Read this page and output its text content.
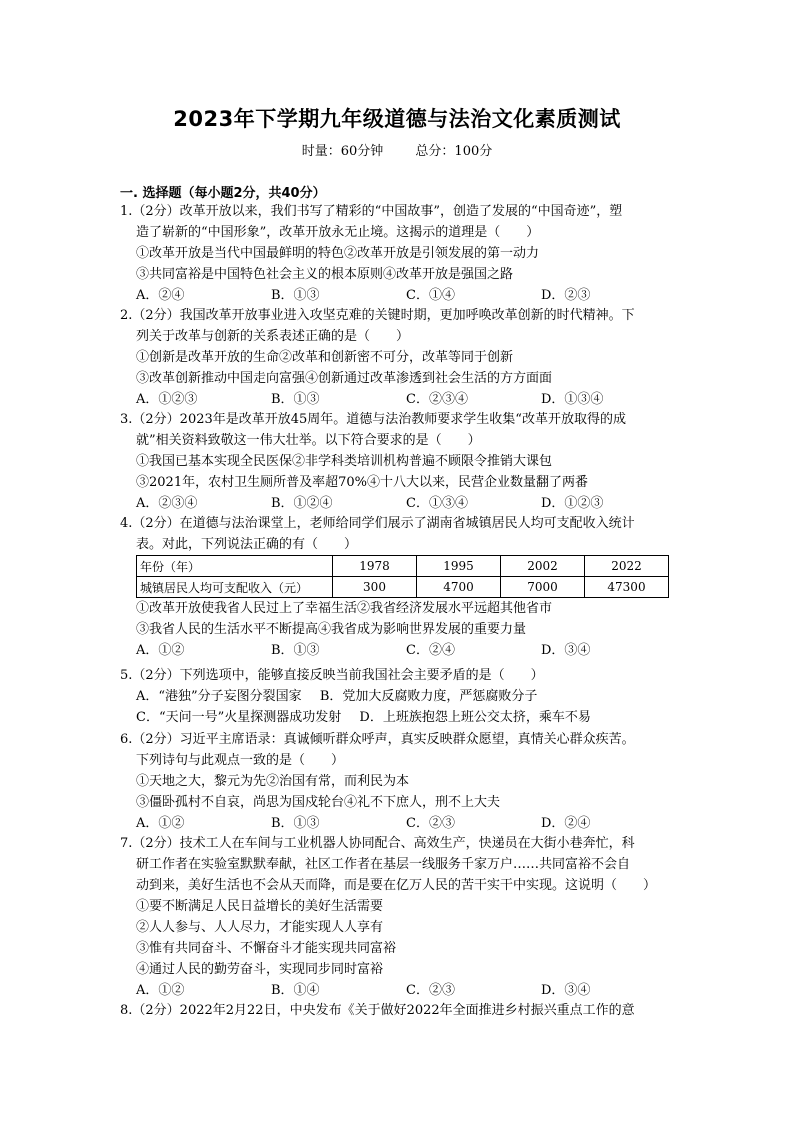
2023年下学期九年级道德与法治文化素质测试
时量：60分钟 总分：100分
一. 选择题（每小题2分，共40分）
1.（2分）改革开放以来，我们书写了精彩的“中国故事”，创造了发展的“中国奇迹”，塑
造了崭新的“中国形象”，改革开放永无止境。这揭示的道理是（　　）
①改革开放是当代中国最鲜明的特色②改革开放是引领发展的第一动力
③共同富裕是中国特色社会主义的根本原则④改革开放是强国之路
A．②④	B．①③	C．①④	D．②③
2.（2分）我国改革开放事业进入攻坚克难的关键时期，更加呼唤改革创新的时代精神。下
列关于改革与创新的关系表述正确的是（　　）
①创新是改革开放的生命②改革和创新密不可分，改革等同于创新
③改革创新推动中国走向富强④创新通过改革渗透到社会生活的方方面面
A．①②③	B．①③	C．②③④	D．①③④
3.（2分）2023年是改革开放45周年。道德与法治教师要求学生收集“改革开放取得的成
就”相关资料致敬这一伟大壮举。以下符合要求的是（　　）
①我国已基本实现全民医保②非学科类培训机构普遍不顾限令推销大课包
③2021年，农村卫生厕所普及率超70%④十八大以来，民营企业数量翻了两番
A．②③④	B．①②④	C．①③④	D．①②③
4.（2分）在道德与法治课堂上，老师给同学们展示了湖南省城镇居民人均可支配收入统计
表。对此，下列说法正确的有（　　）
年份（年）	1978	1995	2002	2022
城镇居民人均可支配收入（元）	300	4700	7000	47300
①改革开放使我省人民过上了幸福生活②我省经济发展水平远超其他省市
③我省人民的生活水平不断提高④我省成为影响世界发展的重要力量
A．①②	B．①③	C．②④	D．③④
5.（2分）下列选项中，能够直接反映当前我国社会主要矛盾的是（　　）
A．“港独”分子妄图分裂国家 B．党加大反腐败力度，严惩腐败分子
C．“天问一号”火星探测器成功发射 D．上班族抱怨上班公交太挤，乘车不易
6.（2分）习近平主席语录：真诚倾听群众呼声，真实反映群众愿望，真情关心群众疾苦。
下列诗句与此观点一致的是（　　）
①天地之大，黎元为先②治国有常，而利民为本
③僵卧孤村不自哀，尚思为国戍轮台④礼不下庶人，刑不上大夫
A．①②	B．①③	C．②③	D．②④
7.（2分）技术工人在车间与工业机器人协同配合、高效生产，快递员在大街小巷奔忙，科
研工作者在实验室默默奉献，社区工作者在基层一线服务千家万户……共同富裕不会自
动到来，美好生活也不会从天而降，而是要在亿万人民的苦干实干中实现。这说明（　　）
①要不断满足人民日益增长的美好生活需要
②人人参与、人人尽力，才能实现人人享有
③惟有共同奋斗、不懈奋斗才能实现共同富裕
④通过人民的勤劳奋斗，实现同步同时富裕
A．①②	B．①④	C．②③	D．③④
8.（2分）2022年2月22日，中央发布《关于做好2022年全面推进乡村振兴重点工作的意
